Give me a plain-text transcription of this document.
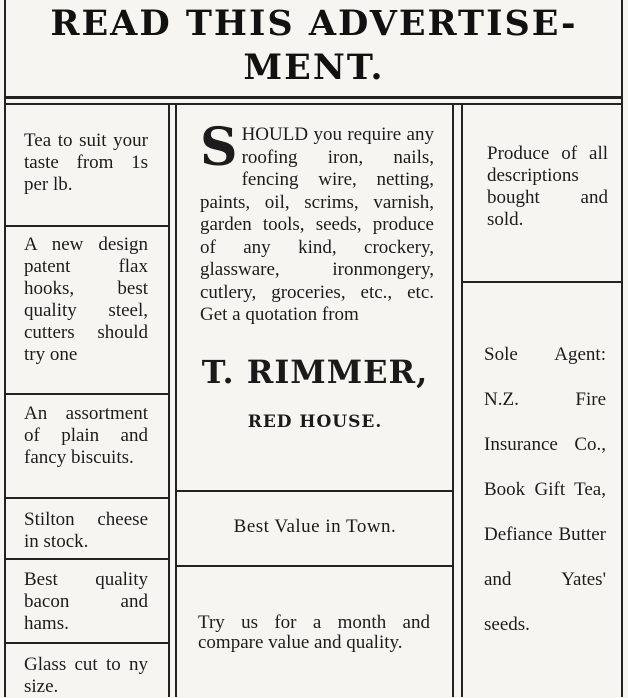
READ THIS ADVERTISE-
MENT.
Tea to suit your taste from 1s per lb.
A new design patent flax hooks, best quality steel, cutters should try one
An assortment of plain and fancy biscuits.
Stilton cheese in stock.
Best quality bacon and hams.
Glass cut to ny size.
SHOULD you require any roofing iron, nails, fencing wire, netting, paints, oil, scrims, varnish, garden tools, seeds, produce of any kind, crockery, glassware, ironmongery, cutlery, groceries, etc., etc. Get a quotation from
T. RIMMER,
RED HOUSE.
Best Value in Town.
Try us for a month and compare value and quality.
Produce of all descriptions bought and sold.
Sole Agent: N.Z. Fire Insurance Co., Book Gift Tea, Defiance Butter and Yates' seeds.
